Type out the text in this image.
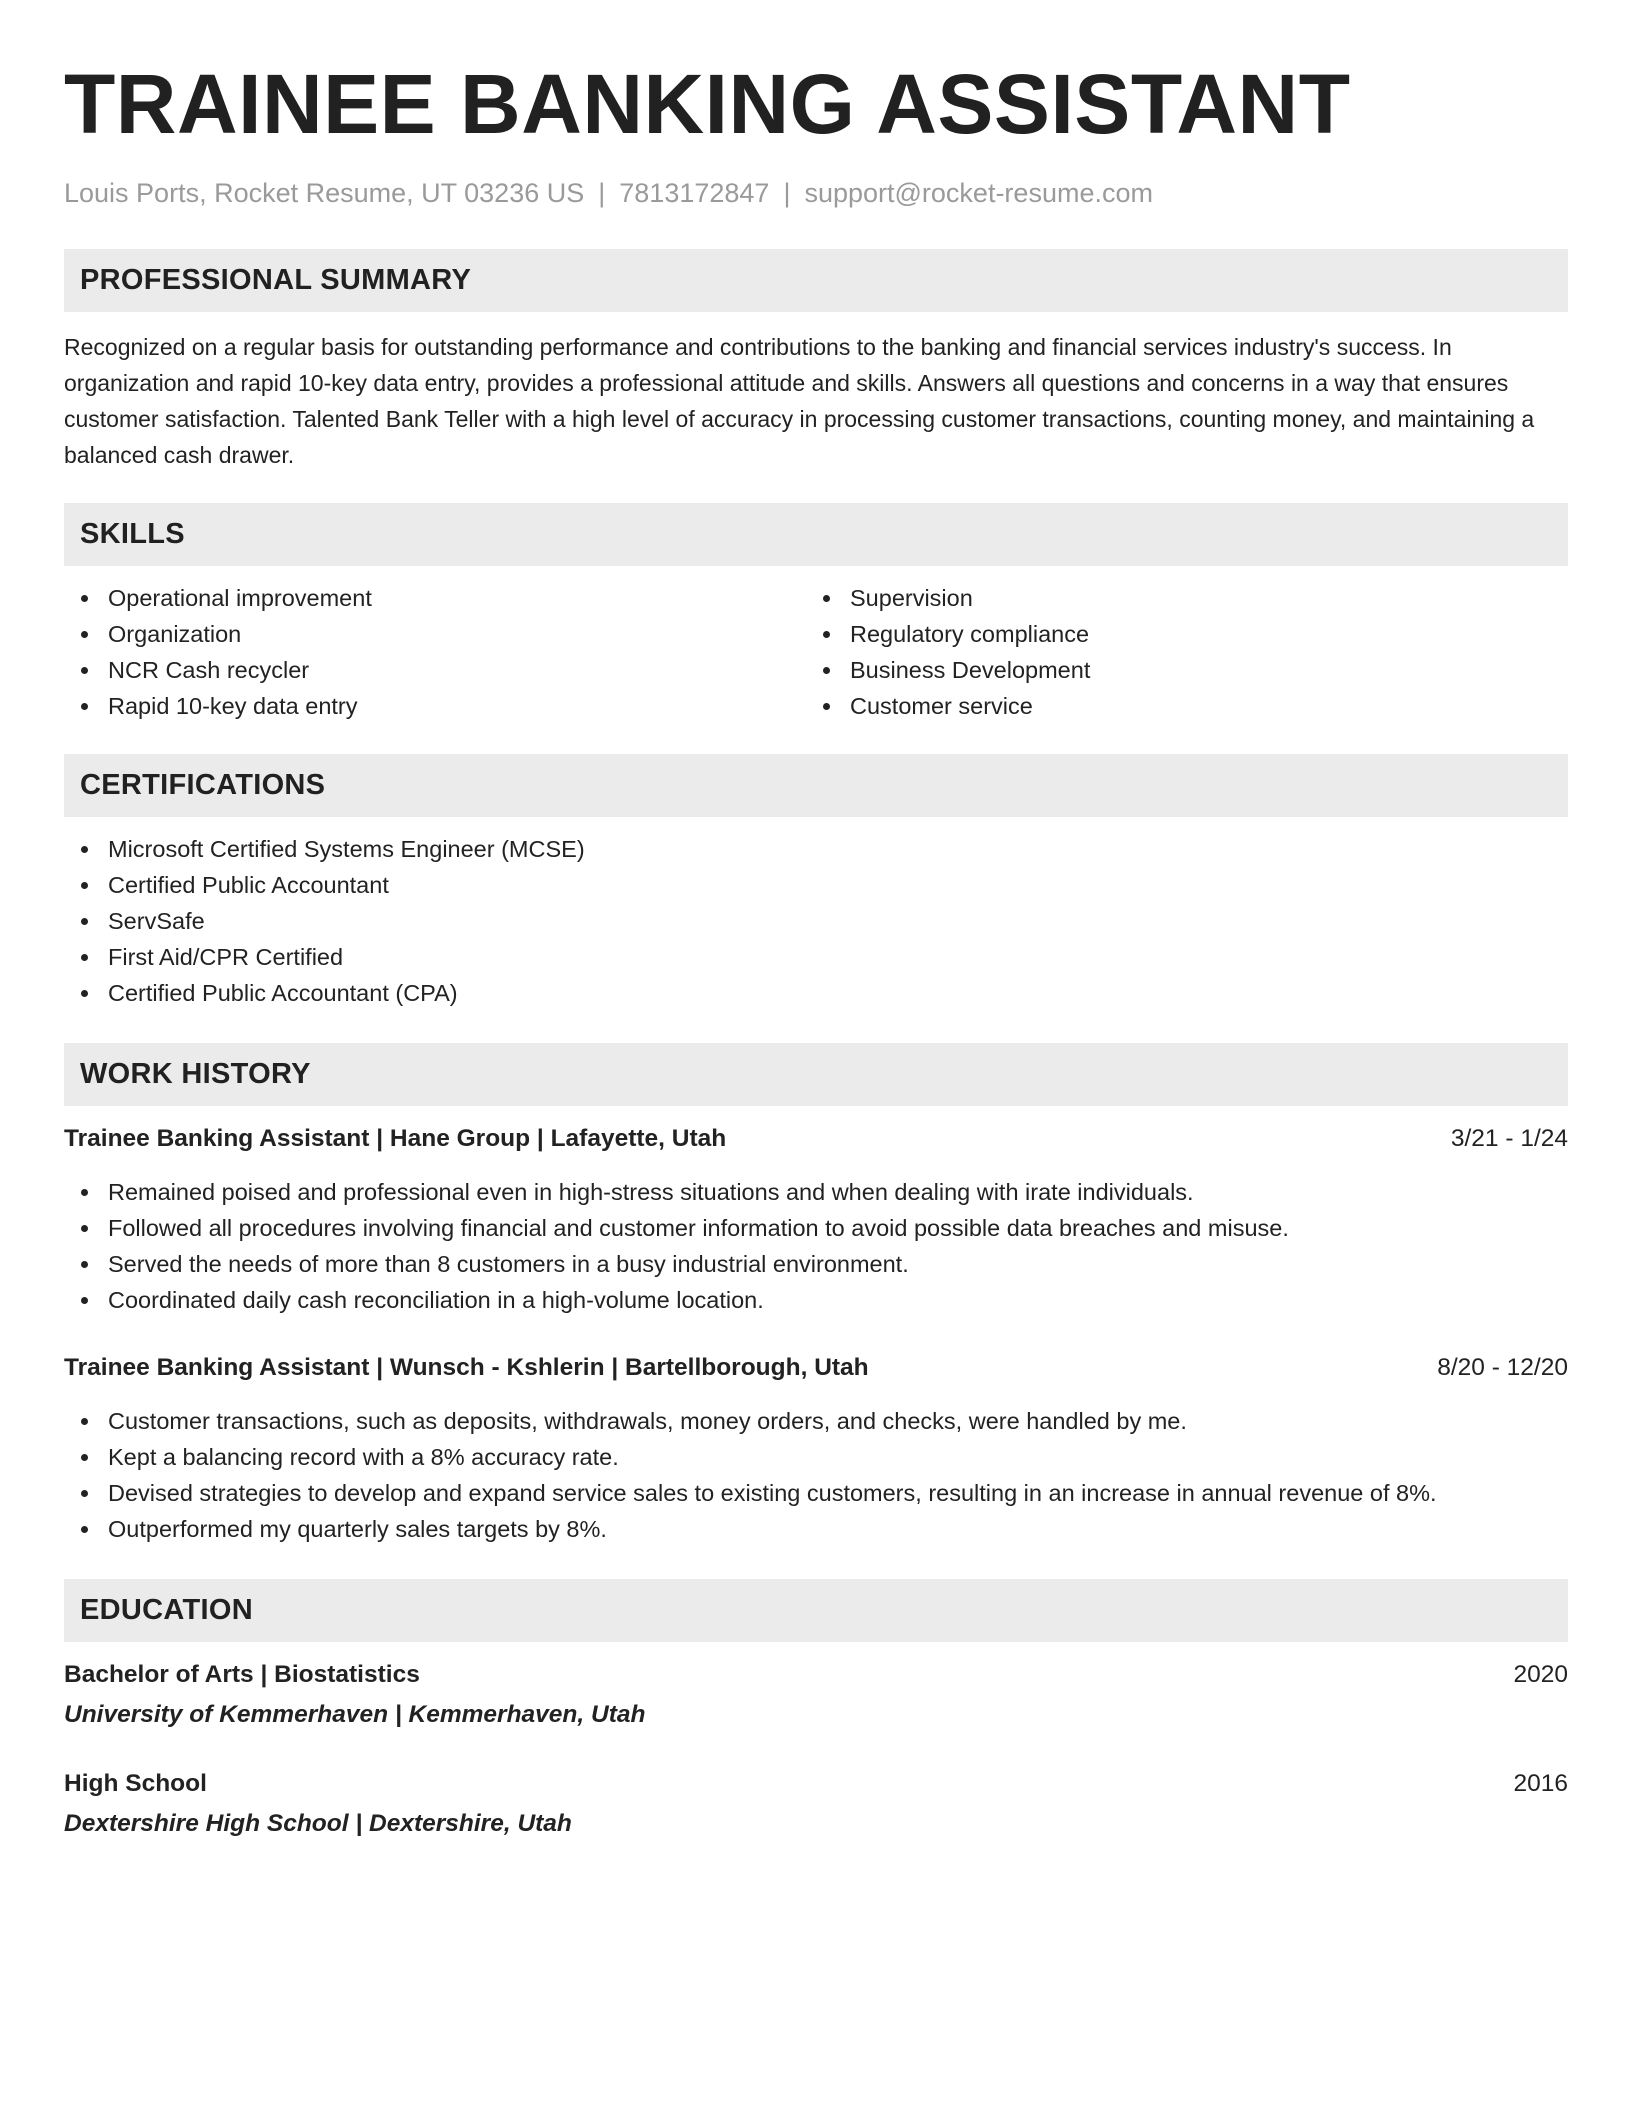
TRAINEE BANKING ASSISTANT
Louis Ports, Rocket Resume, UT 03236 US | 7813172847 | support@rocket-resume.com
PROFESSIONAL SUMMARY

Recognized on a regular basis for outstanding performance and contributions to the banking and financial services industry's success. In organization and rapid 10-key data entry, provides a professional attitude and skills. Answers all questions and concerns in a way that ensures customer satisfaction. Talented Bank Teller with a high level of accuracy in processing customer transactions, counting money, and maintaining a balanced cash drawer.

SKILLS
Operational improvement
Organization
NCR Cash recycler
Rapid 10-key data entry
Supervision
Regulatory compliance
Business Development
Customer service
CERTIFICATIONS
Microsoft Certified Systems Engineer (MCSE)
Certified Public Accountant
ServSafe
First Aid/CPR Certified
Certified Public Accountant (CPA)
WORK HISTORY
Trainee Banking Assistant | Hane Group | Lafayette, Utah	3/21 - 1/24
Remained poised and professional even in high-stress situations and when dealing with irate individuals.
Followed all procedures involving financial and customer information to avoid possible data breaches and misuse.
Served the needs of more than 8 customers in a busy industrial environment.
Coordinated daily cash reconciliation in a high-volume location.
Trainee Banking Assistant | Wunsch - Kshlerin | Bartellborough, Utah	8/20 - 12/20
Customer transactions, such as deposits, withdrawals, money orders, and checks, were handled by me.
Kept a balancing record with a 8% accuracy rate.
Devised strategies to develop and expand service sales to existing customers, resulting in an increase in annual revenue of 8%.
Outperformed my quarterly sales targets by 8%.
EDUCATION
Bachelor of Arts | Biostatistics	2020
University of Kemmerhaven | Kemmerhaven, Utah
High School	2016
Dextershire High School | Dextershire, Utah
